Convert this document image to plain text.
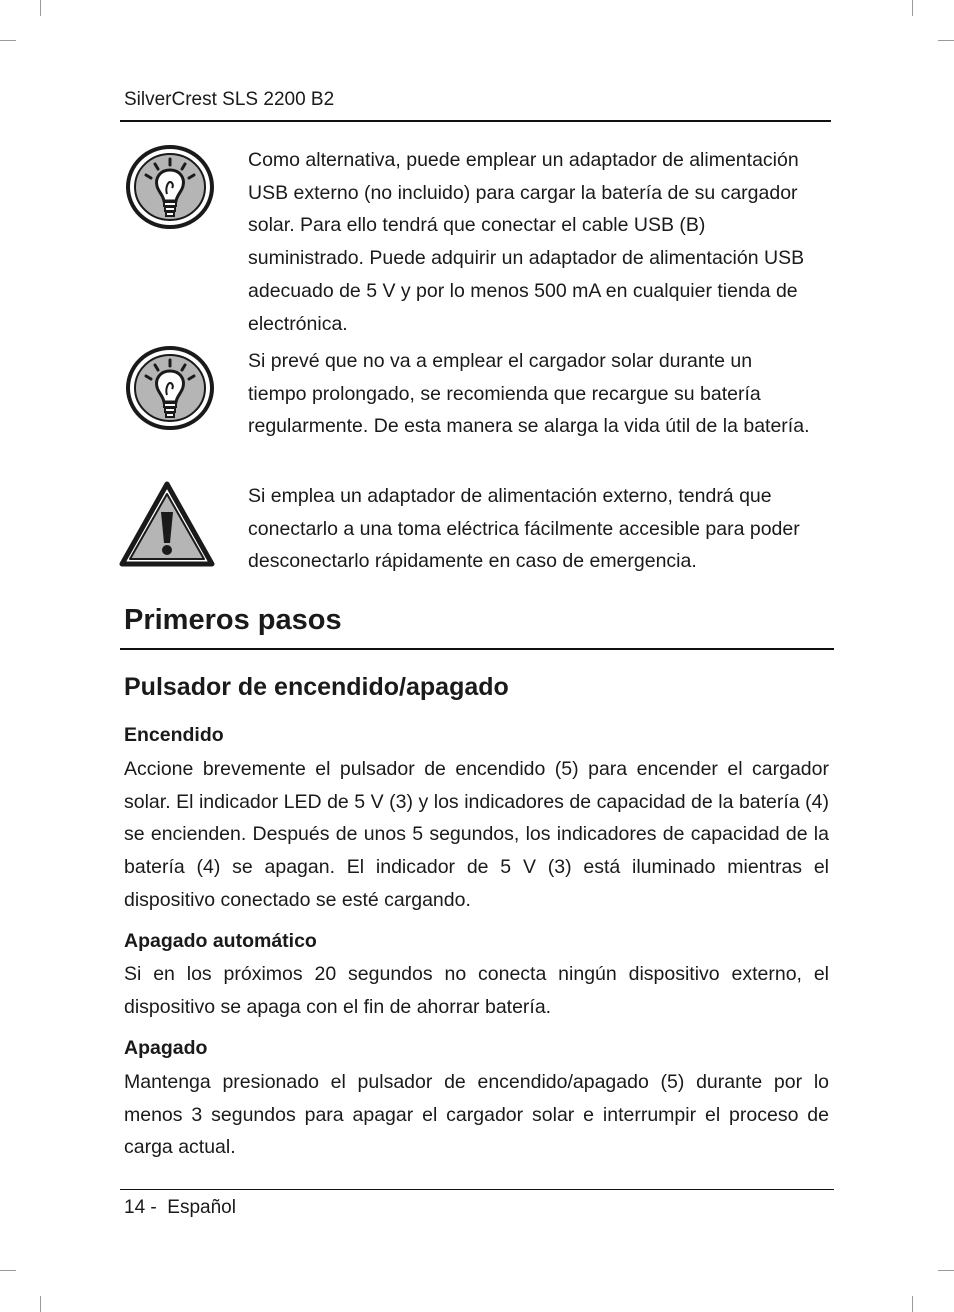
SilverCrest SLS 2200 B2

Como alternativa, puede emplear un adaptador de alimentación USB externo (no incluido) para cargar la batería de su cargador solar. Para ello tendrá que conectar el cable USB (B) suministrado. Puede adquirir un adaptador de alimentación USB adecuado de 5 V y por lo menos 500 mA en cualquier tienda de electrónica.

Si prevé que no va a emplear el cargador solar durante un tiempo prolongado, se recomienda que recargue su batería regularmente. De esta manera se alarga la vida útil de la batería.

Si emplea un adaptador de alimentación externo, tendrá que conectarlo a una toma eléctrica fácilmente accesible para poder desconectarlo rápidamente en caso de emergencia.

Primeros pasos
Pulsador de encendido/apagado
Encendido

Accione brevemente el pulsador de encendido (5) para encender el cargador solar. El indicador LED de 5 V (3) y los indicadores de capacidad de la batería (4) se encienden. Después de unos 5 segundos, los indicadores de capacidad de la batería (4) se apagan. El indicador de 5 V (3) está iluminado mientras el dispositivo conectado se esté cargando.

Apagado automático

Si en los próximos 20 segundos no conecta ningún dispositivo externo, el dispositivo se apaga con el fin de ahorrar batería.

Apagado

Mantenga presionado el pulsador de encendido/apagado (5) durante por lo menos 3 segundos para apagar el cargador solar e interrumpir el proceso de carga actual.

14 -  Español
